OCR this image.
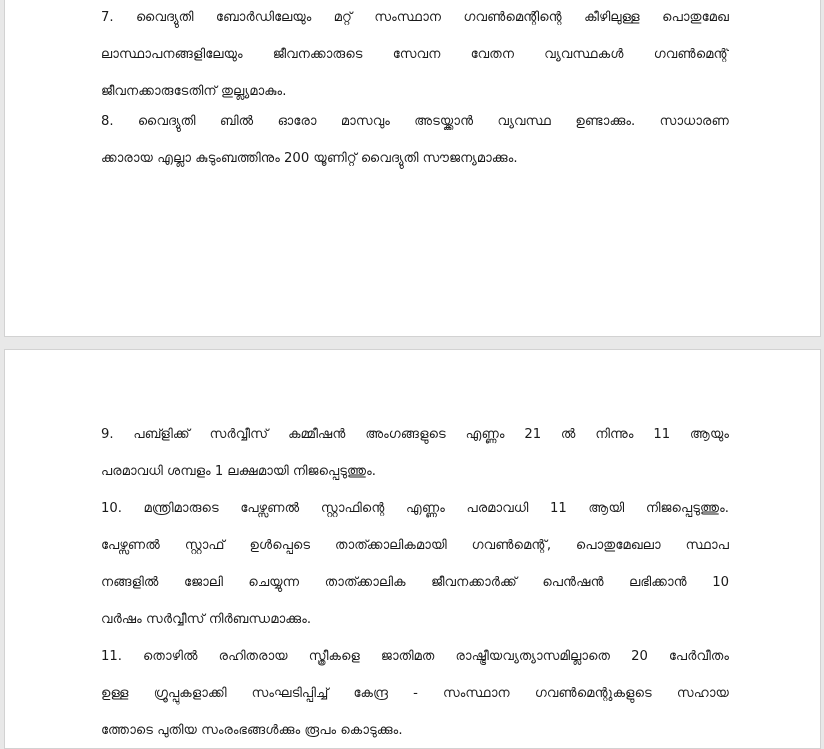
7. വൈദ്യുതി ബോർഡിലേയും മറ്റ് സംസ്ഥാന ഗവൺമെന്റിന്റെ കീഴിലുള്ള പൊതുമേഖ
ലാസ്ഥാപനങ്ങളിലേയും ജീവനക്കാരുടെ സേവന വേതന വ്യവസ്ഥകൾ ഗവൺമെന്റ്
ജീവനക്കാരുടേതിന് തുല്ല്യമാകും.
8. വൈദ്യുതി ബിൽ ഓരോ മാസവും അടയ്ക്കാൻ വ്യവസ്ഥ ഉണ്ടാക്കും. സാധാരണ
ക്കാരായ എല്ലാ കുടുംബത്തിനും 200 യൂണിറ്റ് വൈദ്യുതി സൗജന്യമാക്കും.
9. പബ്ളിക്ക് സർവ്വീസ് കമ്മീഷൻ അംഗങ്ങളുടെ എണ്ണം 21 ൽ നിന്നും 11 ആയും
പരമാവധി ശമ്പളം 1 ലക്ഷമായി നിജപ്പെടുത്തും.
10. മന്ത്രിമാരുടെ പേഴ്സണൽ സ്റ്റാഫിന്റെ എണ്ണം പരമാവധി 11 ആയി നിജപ്പെടുത്തും.
പേഴ്സണൽ സ്റ്റാഫ് ഉൾപ്പെടെ താത്ക്കാലികമായി ഗവൺമെന്റ്, പൊതുമേഖലാ സ്ഥാപ
നങ്ങളിൽ ജോലി ചെയ്യുന്ന താത്ക്കാലിക ജീവനക്കാർക്ക് പെൻഷൻ ലഭിക്കാൻ 10
വർഷം സർവ്വീസ് നിർബന്ധമാക്കും.
11. തൊഴിൽ രഹിതരായ സ്ത്രീകളെ ജാതിമത രാഷ്ട്രീയവ്യത്യാസമില്ലാതെ 20 പേർവീതം
ഉള്ള ഗ്രൂപ്പുകളാക്കി സംഘടിപ്പിച്ച് കേന്ദ്ര - സംസ്ഥാന ഗവൺമെന്റുകളുടെ സഹായ
ത്തോടെ പുതിയ സംരംഭങ്ങൾക്കും രൂപം കൊടുക്കും.
